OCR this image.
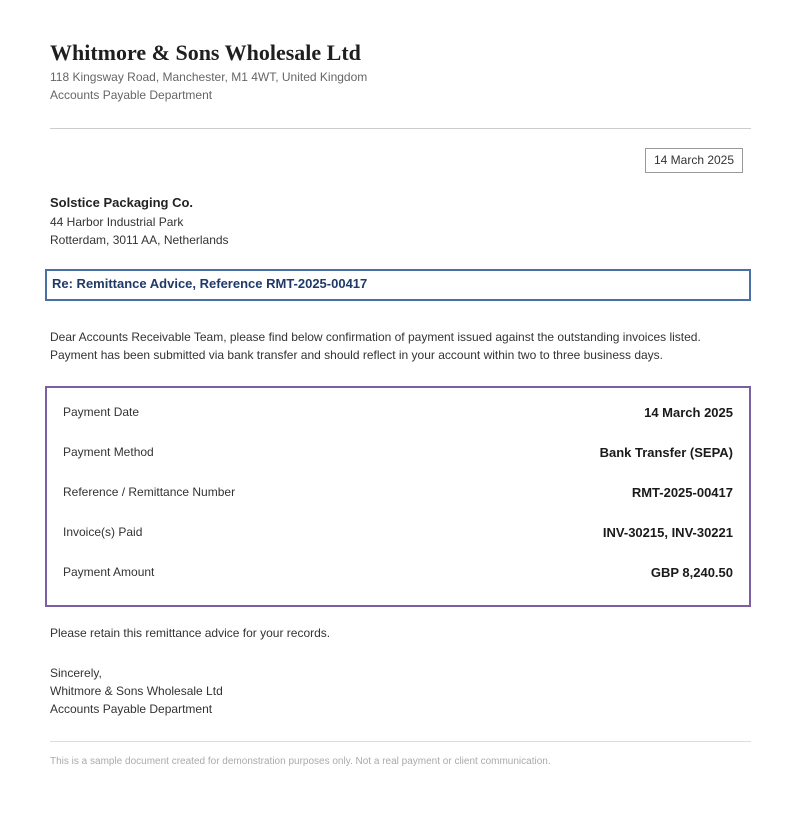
Whitmore & Sons Wholesale Ltd
118 Kingsway Road, Manchester, M1 4WT, United Kingdom
Accounts Payable Department
14 March 2025
Solstice Packaging Co.
44 Harbor Industrial Park
Rotterdam, 3011 AA, Netherlands
Re: Remittance Advice, Reference RMT-2025-00417
Dear Accounts Receivable Team, please find below confirmation of payment issued against the outstanding invoices listed.
Payment has been submitted via bank transfer and should reflect in your account within two to three business days.
Payment Date	14 March 2025
Payment Method	Bank Transfer (SEPA)
Reference / Remittance Number	RMT-2025-00417
Invoice(s) Paid	INV-30215, INV-30221
Payment Amount	GBP 8,240.50
Please retain this remittance advice for your records.
Sincerely,
Whitmore & Sons Wholesale Ltd
Accounts Payable Department
This is a sample document created for demonstration purposes only. Not a real payment or client communication.
